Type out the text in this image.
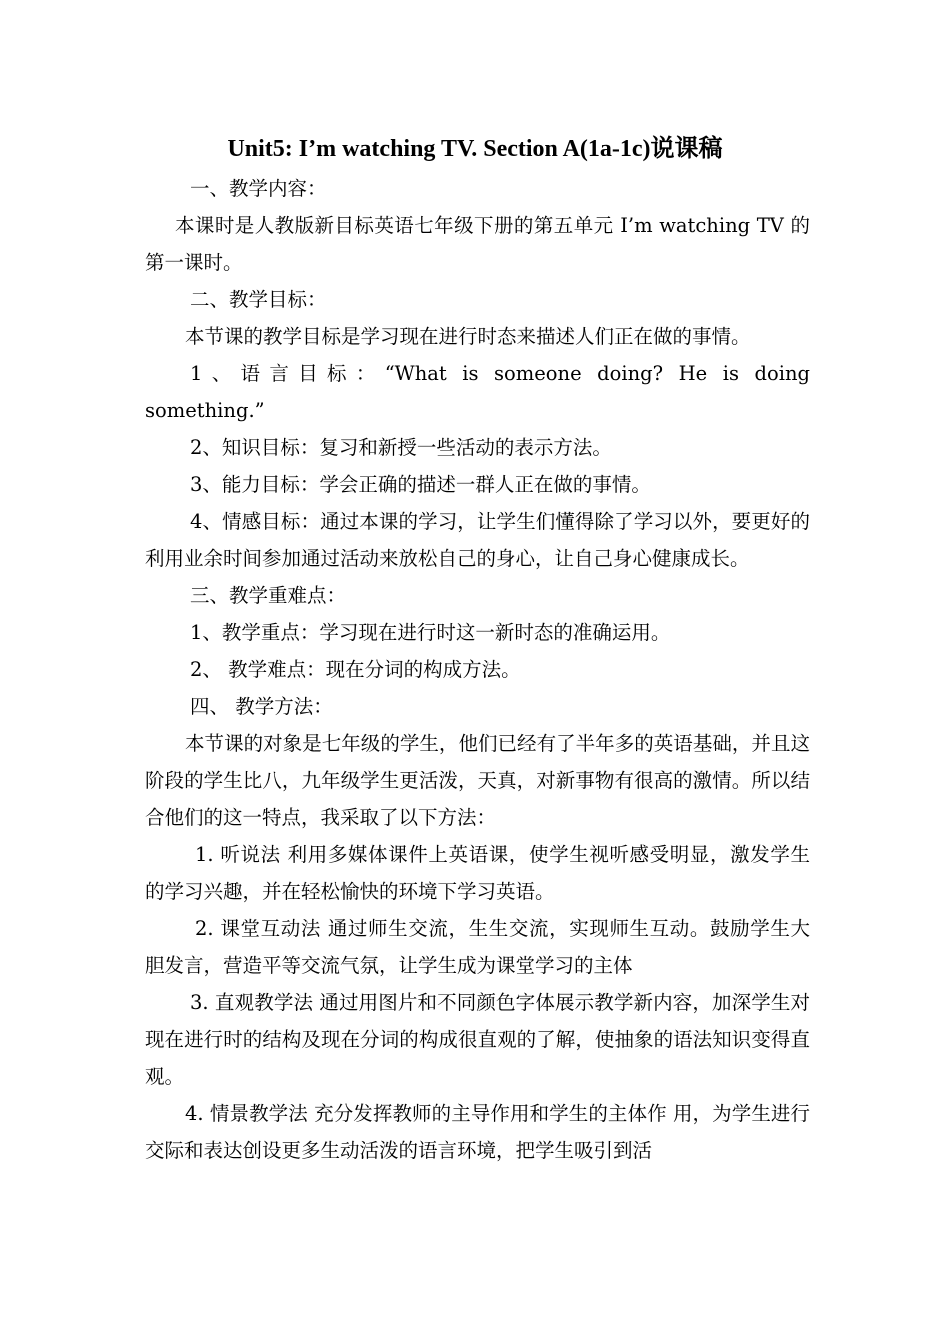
Unit5: I’m watching TV. Section A(1a-1c)说课稿

一、教学内容：

本课时是人教版新目标英语七年级下册的第五单元 I’m watching TV 的第一课时。

二、教学目标：

本节课的教学目标是学习现在进行时态来描述人们正在做的事情。

1、语言目标：“What is someone doing? He is doing something.”

2、知识目标：复习和新授一些活动的表示方法。

3、能力目标：学会正确的描述一群人正在做的事情。

4、情感目标：通过本课的学习，让学生们懂得除了学习以外，要更好的利用业余时间参加通过活动来放松自己的身心，让自己身心健康成长。

三、教学重难点：

1、教学重点：学习现在进行时这一新时态的准确运用。

2、 教学难点：现在分词的构成方法。

四、 教学方法：

本节课的对象是七年级的学生，他们已经有了半年多的英语基础，并且这阶段的学生比八，九年级学生更活泼，天真，对新事物有很高的激情。所以结合他们的这一特点，我采取了以下方法：

1. 听说法 利用多媒体课件上英语课，使学生视听感受明显，激发学生的学习兴趣，并在轻松愉快的环境下学习英语。

2. 课堂互动法 通过师生交流，生生交流，实现师生互动。鼓励学生大胆发言，营造平等交流气氛，让学生成为课堂学习的主体

3. 直观教学法 通过用图片和不同颜色字体展示教学新内容，加深学生对现在进行时的结构及现在分词的构成很直观的了解，使抽象的语法知识变得直观。

4. 情景教学法 充分发挥教师的主导作用和学生的主体作 用，为学生进行交际和表达创设更多生动活泼的语言环境，把学生吸引到活
